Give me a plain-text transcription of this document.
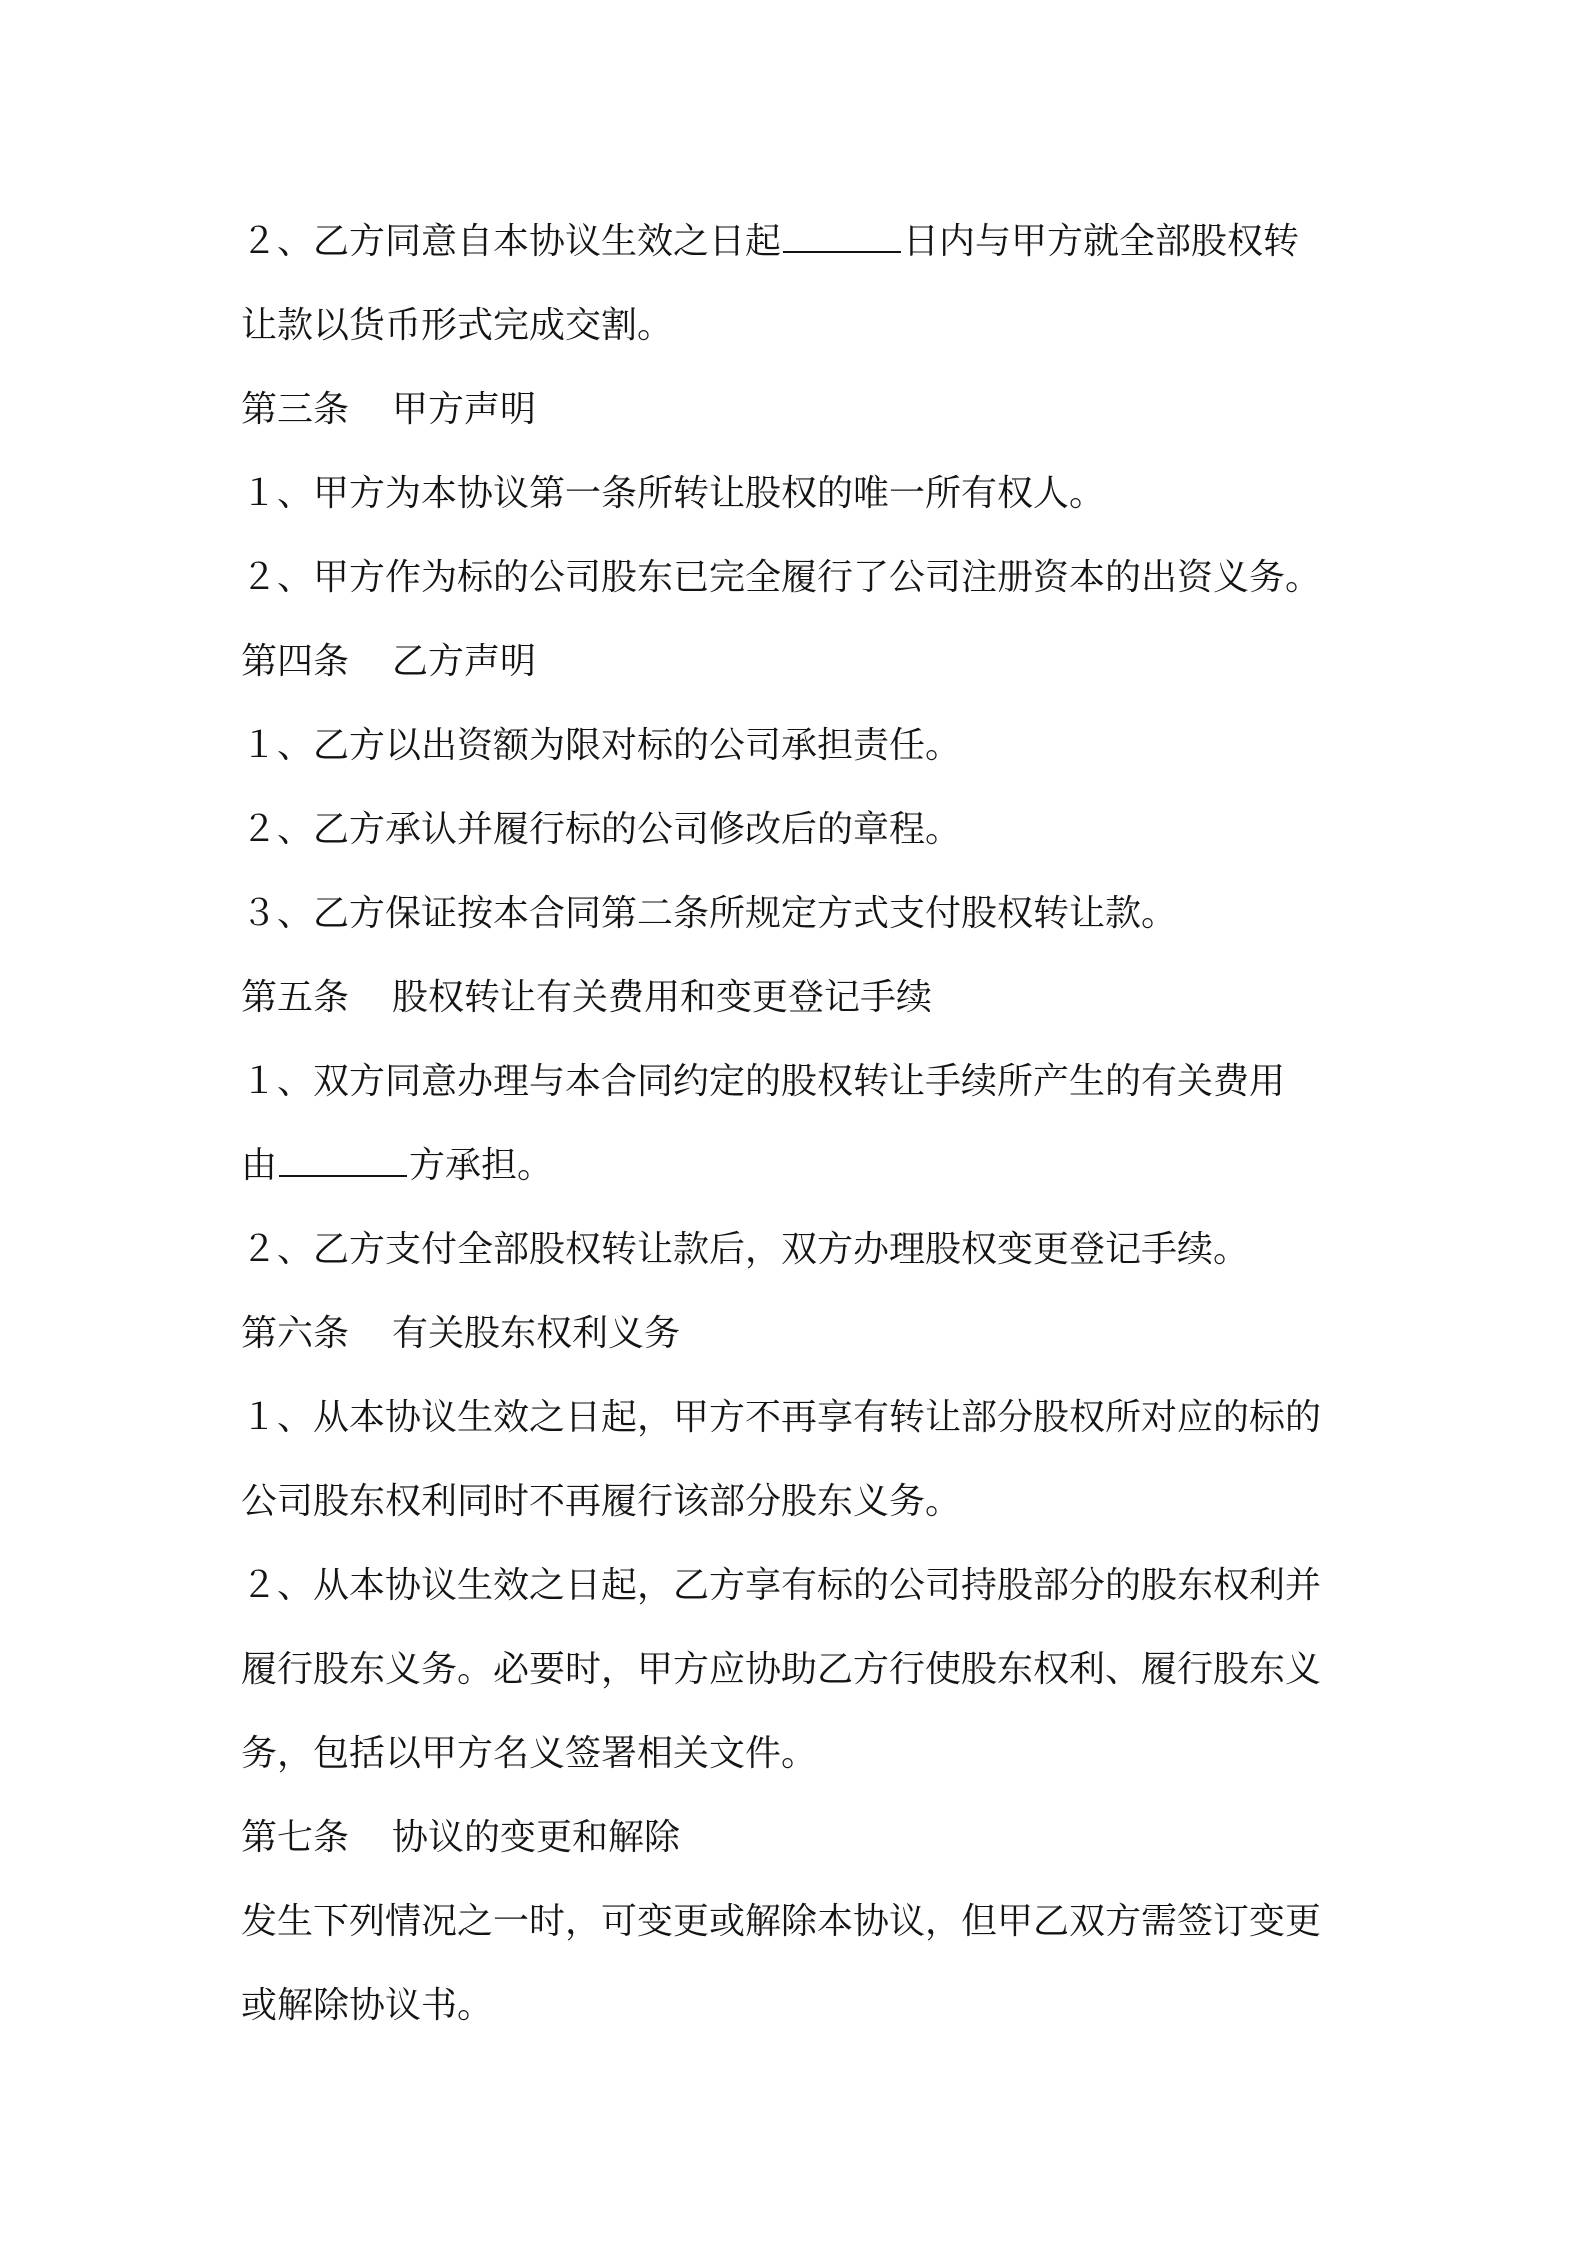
２、乙方同意自本协议生效之日起	日内与甲方就全部股权转
让款以货币形式完成交割。
第三条	甲方声明
１、甲方为本协议第一条所转让股权的唯一所有权人。
２、甲方作为标的公司股东已完全履行了公司注册资本的出资义务。
第四条	乙方声明
１、乙方以出资额为限对标的公司承担责任。
２、乙方承认并履行标的公司修改后的章程。
３、乙方保证按本合同第二条所规定方式支付股权转让款。
第五条	股权转让有关费用和变更登记手续
１、双方同意办理与本合同约定的股权转让手续所产生的有关费用
由	方承担。
２、乙方支付全部股权转让款后，双方办理股权变更登记手续。
第六条	有关股东权利义务
１、从本协议生效之日起，甲方不再享有转让部分股权所对应的标的
公司股东权利同时不再履行该部分股东义务。
２、从本协议生效之日起，乙方享有标的公司持股部分的股东权利并
履行股东义务。必要时，甲方应协助乙方行使股东权利、履行股东义
务，包括以甲方名义签署相关文件。
第七条	协议的变更和解除
发生下列情况之一时，可变更或解除本协议，但甲乙双方需签订变更
或解除协议书。
